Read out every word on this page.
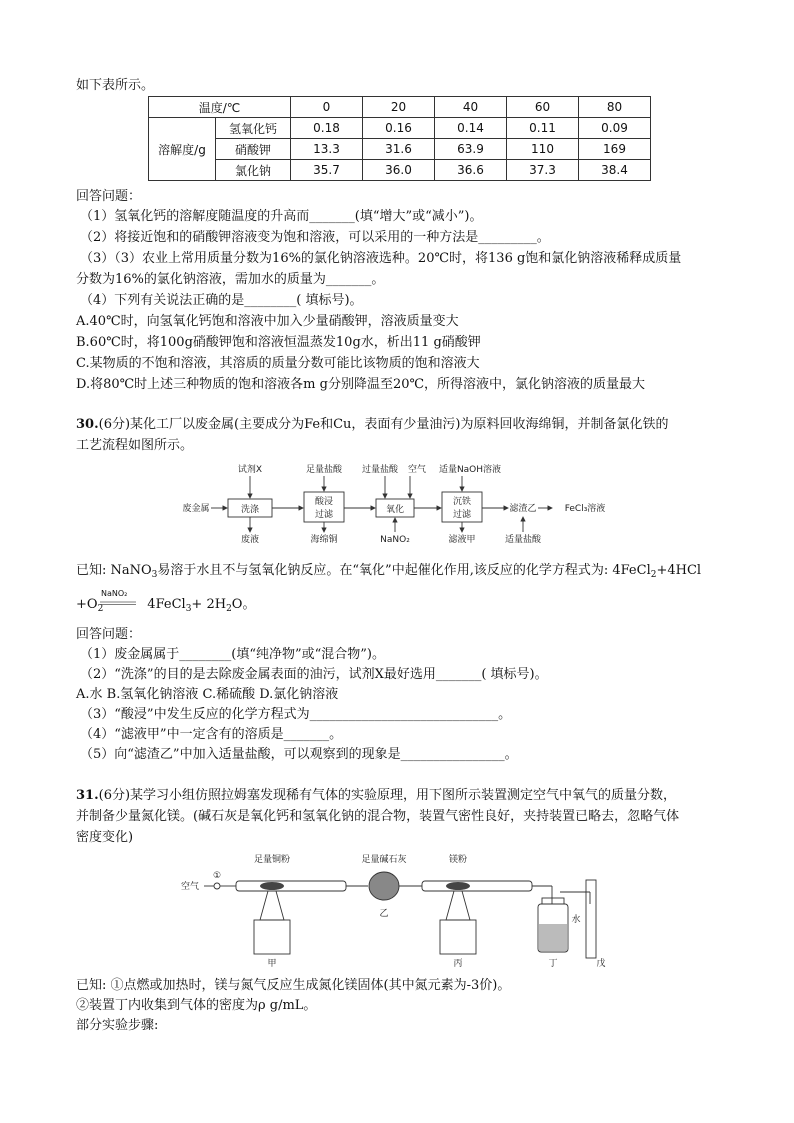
如下表所示。
温度/℃		0	20	40	60	80
溶解度/g	氢氧化钙	0.18	0.16	0.14	0.11	0.09
	硝酸钾	13.3	31.6	63.9	110	169
	氯化钠	35.7	36.0	36.6	37.3	38.4
回答问题：
（1）氢氧化钙的溶解度随温度的升高而_______(填“增大”或“减小”)。
（2）将接近饱和的硝酸钾溶液变为饱和溶液，可以采用的一种方法是_________。
（3）（3）农业上常用质量分数为16%的氯化钠溶液选种。20℃时，将136 g饱和氯化钠溶液稀释成质量
分数为16%的氯化钠溶液，需加水的质量为_______。
（4）下列有关说法正确的是________( 填标号)。
A.40℃时，向氢氧化钙饱和溶液中加入少量硝酸钾，溶液质量变大
B.60℃时，将100g硝酸钾饱和溶液恒温蒸发10g水，析出11 g硝酸钾
C.某物质的不饱和溶液，其溶质的质量分数可能比该物质的饱和溶液大
D.将80℃时上述三种物质的饱和溶液各m g分别降温至20℃，所得溶液中，氯化钠溶液的质量最大
30.(6分)某化工厂以废金属(主要成分为Fe和Cu，表面有少量油污)为原料回收海绵铜，并制备氯化铁的
工艺流程如图所示。
废金属	洗涤
酸浸
过滤	氧化
沉铁
过滤
试剂X	足量盐酸 过量盐酸 空气 适量NaOH溶液
废液	海绵铜	NaNO₂	滤液甲	适量盐酸
滤渣乙	FeCl₃溶液
已知: NaNO$_3$易溶于水且不与氢氧化钠反应。在“氧化”中起催化作用,该反应的化学方程式为: 4FeCl$_2$+4HCl
$+O_2$	4FeCl$_3$+ $2H_2O$。
NaNO₂
回答问题：
（1）废金属属于________(填“纯净物”或“混合物”)。
（2）“洗涤”的目的是去除废金属表面的油污，试剂X最好选用_______( 填标号)。
A.水 B.氢氧化钠溶液 C.稀硫酸 D.氯化钠溶液
（3）“酸浸”中发生反应的化学方程式为_____________________________。
（4）“滤液甲”中一定含有的溶质是_______。
（5）向“滤渣乙”中加入适量盐酸，可以观察到的现象是________________。
31.(6分)某学习小组仿照拉姆塞发现稀有气体的实验原理，用下图所示装置测定空气中氧气的质量分数，
并制备少量氮化镁。(碱石灰是氧化钙和氢氧化钠的混合物，装置气密性良好，夹持装置已略去，忽略气体
密度变化)
空气
①
足量铜粉	足量碱石灰	镁粉
水
甲
乙
丙	丁	戊
已知: ①点燃或加热时，镁与氮气反应生成氮化镁固体(其中氮元素为-3价)。
②装置丁内收集到气体的密度为ρ g/mL。
部分实验步骤:
